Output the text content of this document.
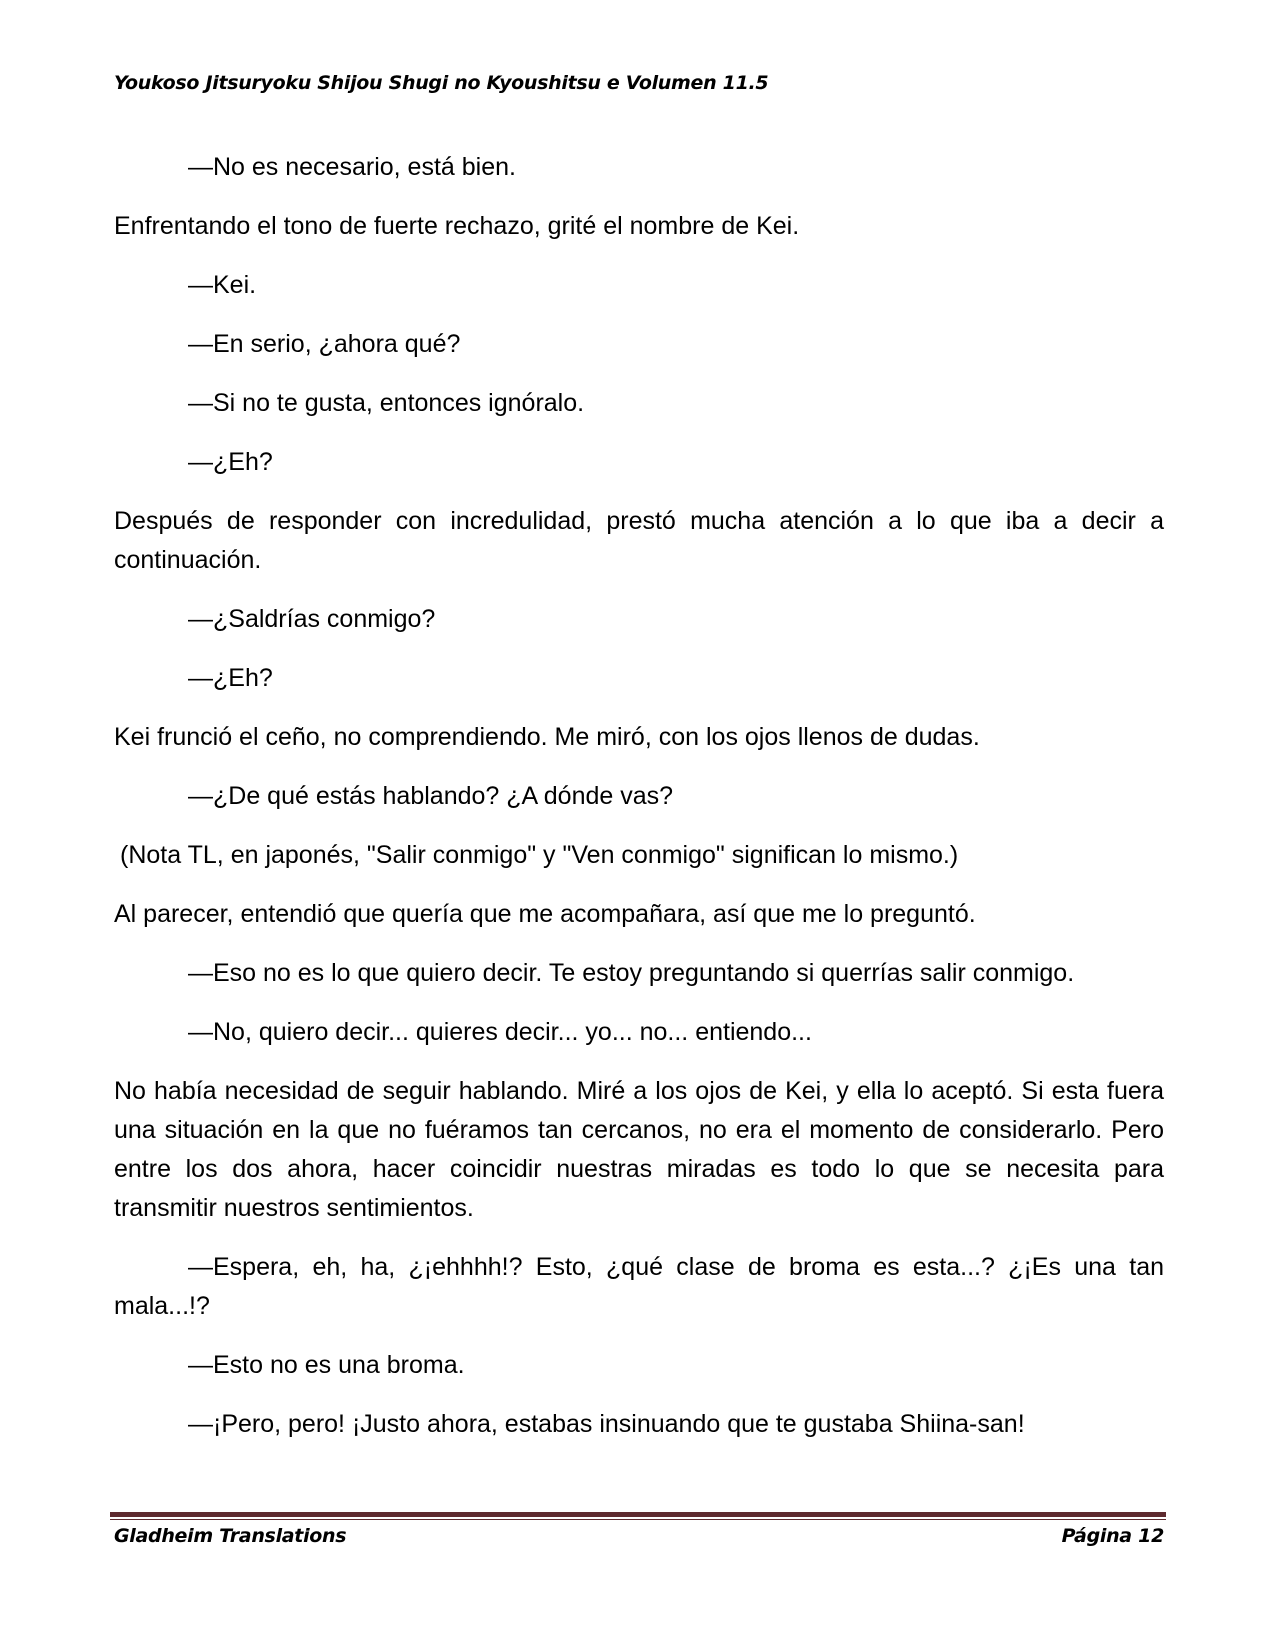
Youkoso Jitsuryoku Shijou Shugi no Kyoushitsu e Volumen 11.5

—No es necesario, está bien.

Enfrentando el tono de fuerte rechazo, grité el nombre de Kei.

—Kei.

—En serio, ¿ahora qué?

—Si no te gusta, entonces ignóralo.

—¿Eh?

Después de responder con incredulidad, prestó mucha atención a lo que iba a decir a continuación.

—¿Saldrías conmigo?

—¿Eh?

Kei frunció el ceño, no comprendiendo. Me miró, con los ojos llenos de dudas.

—¿De qué estás hablando? ¿A dónde vas?

(Nota TL, en japonés, "Salir conmigo" y "Ven conmigo" significan lo mismo.)

Al parecer, entendió que quería que me acompañara, así que me lo preguntó.

—Eso no es lo que quiero decir. Te estoy preguntando si querrías salir conmigo.

—No, quiero decir... quieres decir... yo... no... entiendo...

No había necesidad de seguir hablando. Miré a los ojos de Kei, y ella lo aceptó. Si esta fuera una situación en la que no fuéramos tan cercanos, no era el momento de considerarlo. Pero entre los dos ahora, hacer coincidir nuestras miradas es todo lo que se necesita para transmitir nuestros sentimientos.

—Espera, eh, ha, ¿¡ehhhh!? Esto, ¿qué clase de broma es esta...? ¿¡Es una tan mala...!?

—Esto no es una broma.

—¡Pero, pero! ¡Justo ahora, estabas insinuando que te gustaba Shiina-san!

Gladheim Translations	Página 12
